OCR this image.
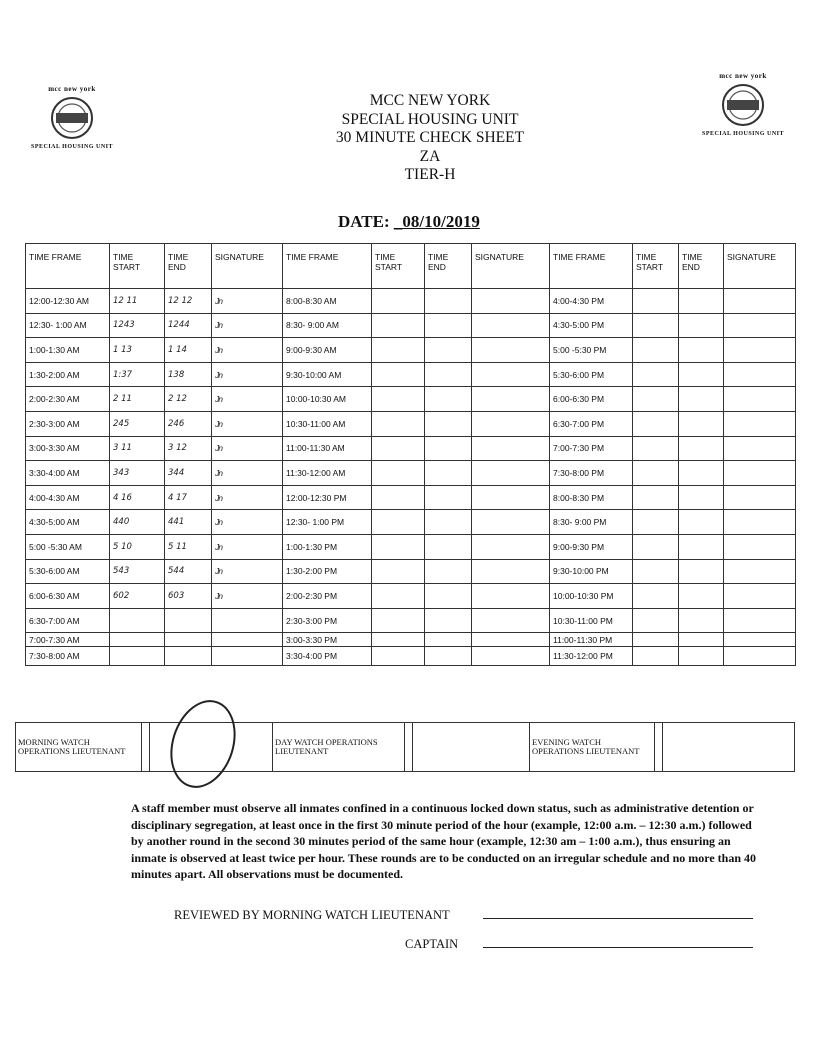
mcc new york
SPECIAL HOUSING UNIT
mcc new york
SPECIAL HOUSING UNIT
MCC NEW YORK
SPECIAL HOUSING UNIT
30 MINUTE CHECK SHEET
ZA
TIER-H
DATE: _08/10/2019
TIME FRAME	TIME START	TIME END	SIGNATURE	TIME FRAME	TIME START	TIME END	SIGNATURE	TIME FRAME	TIME START	TIME END	SIGNATURE
12:00-12:30 AM	12 11	12 12	Jn	8:00-8:30 AM				4:00-4:30 PM			
12:30- 1:00 AM	1243	1244	Jn	8:30- 9:00 AM				4:30-5:00 PM			
1:00-1:30 AM	1 13	1 14	Jn	9:00-9:30 AM				5:00 -5:30 PM			
1:30-2:00 AM	1:37	138	Jn	9:30-10:00 AM				5:30-6:00 PM			
2:00-2:30 AM	2 11	2 12	Jn	10:00-10:30 AM				6:00-6:30 PM			
2:30-3:00 AM	245	246	Jn	10:30-11:00 AM				6:30-7:00 PM			
3:00-3:30 AM	3 11	3 12	Jn	11:00-11:30 AM				7:00-7:30 PM			
3:30-4:00 AM	343	344	Jn	11:30-12:00 AM				7:30-8:00 PM			
4:00-4:30 AM	4 16	4 17	Jn	12:00-12:30 PM				8:00-8:30 PM			
4:30-5:00 AM	440	441	Jn	12:30- 1:00 PM				8:30- 9:00 PM			
5:00 -5:30 AM	5 10	5 11	Jn	1:00-1:30 PM				9:00-9:30 PM			
5:30-6:00 AM	543	544	Jn	1:30-2:00 PM				9:30-10:00 PM			
6:00-6:30 AM	602	603	Jn	2:00-2:30 PM				10:00-10:30 PM			
6:30-7:00 AM				2:30-3:00 PM				10:30-11:00 PM			
7:00-7:30 AM				3:00-3:30 PM				11:00-11:30 PM			
7:30-8:00 AM				3:30-4:00 PM				11:30-12:00 PM			
MORNING WATCH OPERATIONS LIEUTENANT		
	DAY WATCH OPERATIONS LIEUTENANT			EVENING WATCH OPERATIONS LIEUTENANT		
A staff member must observe all inmates confined in a continuous locked down status, such as administrative detention or disciplinary segregation, at least once in the first 30 minute period of the hour (example, 12:00 a.m. – 12:30 a.m.) followed by another round in the second 30 minutes period of the same hour (example, 12:30 am – 1:00 a.m.), thus ensuring an inmate is observed at least twice per hour. These rounds are to be conducted on an irregular schedule and no more than 40 minutes apart. All observations must be documented.
REVIEWED BY MORNING WATCH LIEUTENANT
CAPTAIN
